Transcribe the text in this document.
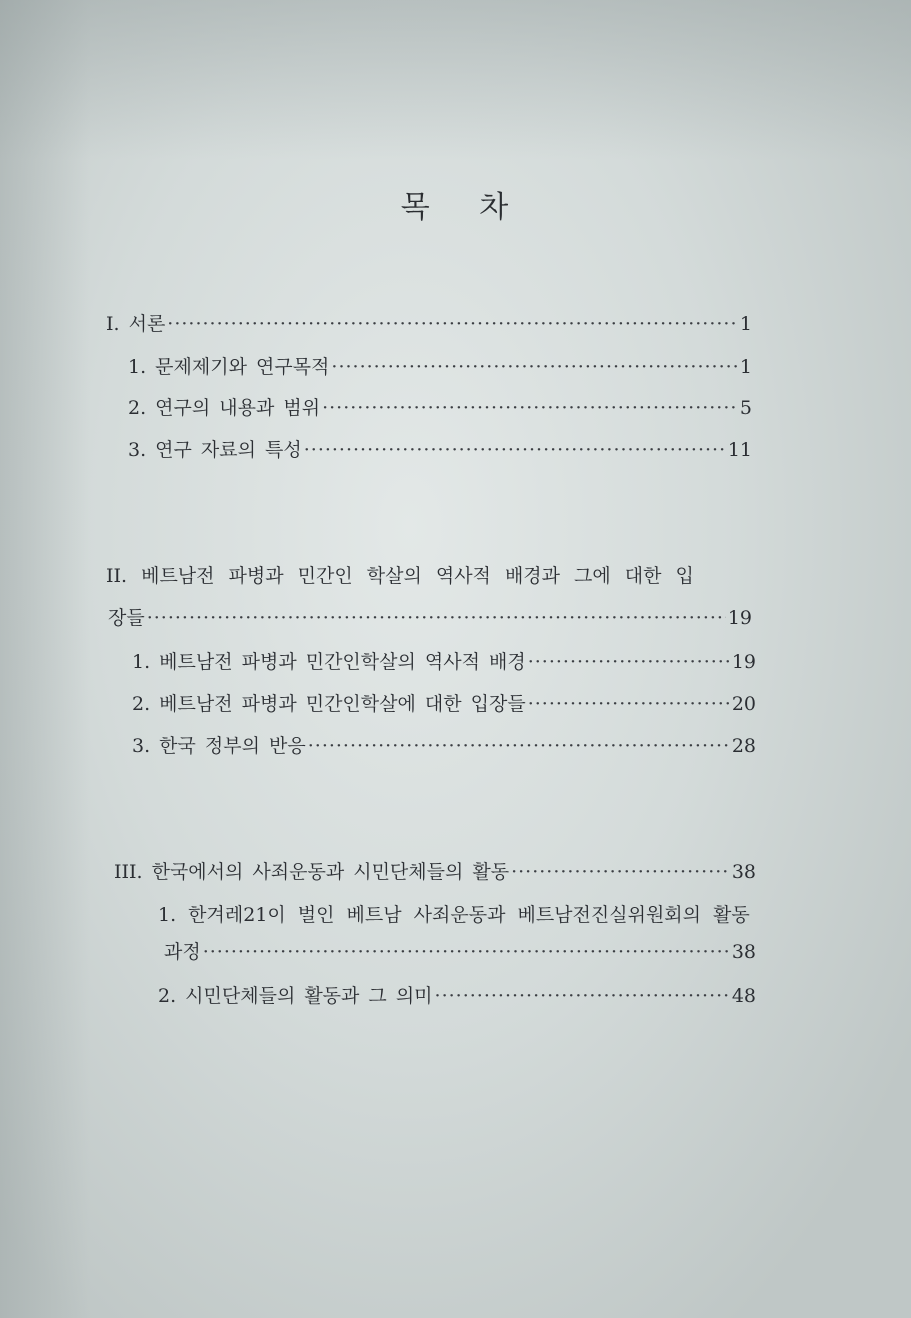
목 차
I. 서론 ·····	1
1. 문제제기와 연구목적 ·····	1
2. 연구의 내용과 범위 ·····	5
3. 연구 자료의 특성 ·····	11
II. 베트남전 파병과 민간인 학살의 역사적 배경과 그에 대한 입
장들 ·····	19
1. 베트남전 파병과 민간인학살의 역사적 배경 ·····	19
2. 베트남전 파병과 민간인학살에 대한 입장들 ·····	20
3. 한국 정부의 반응 ·····	28
III. 한국에서의 사죄운동과 시민단체들의 활동 ·····	38
1. 한겨레21이 벌인 베트남 사죄운동과 베트남전진실위원회의 활동
과정 ·····	38
2. 시민단체들의 활동과 그 의미 ·····	48
